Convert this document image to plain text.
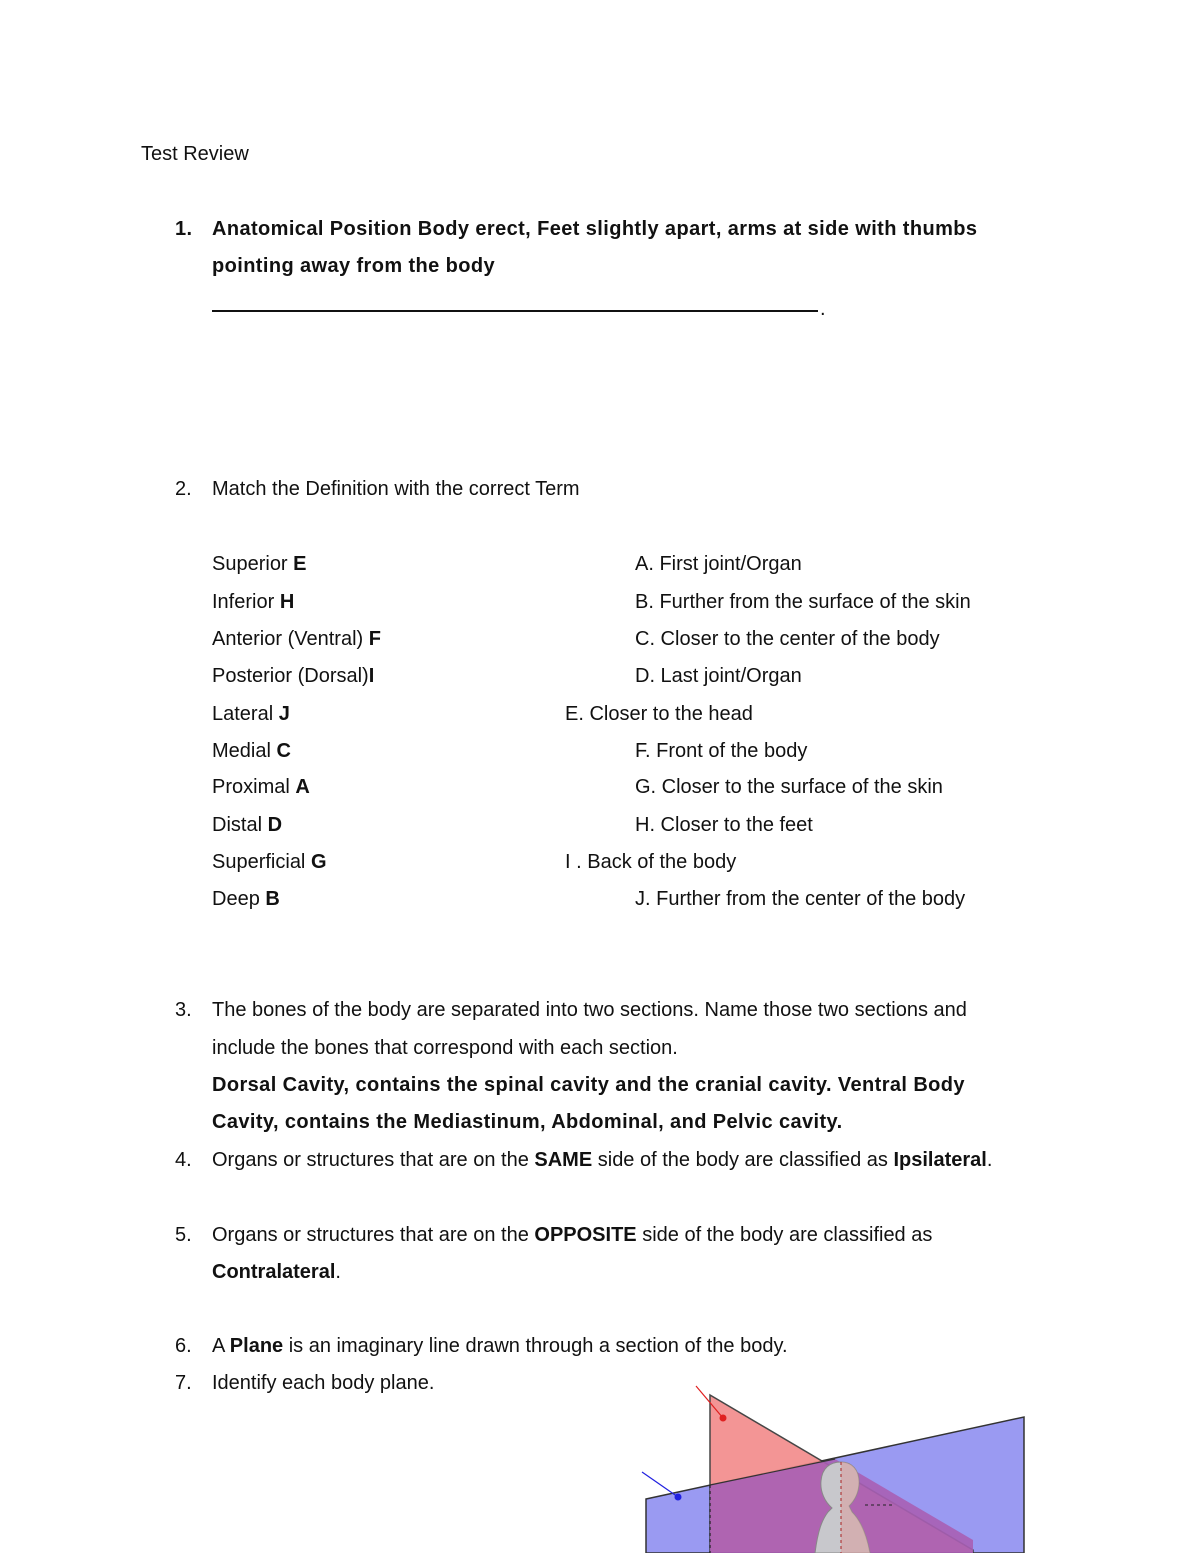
Test Review
1. Anatomical Position Body erect, Feet slightly apart, arms at side with thumbs
pointing away from the body
.
2. Match the Definition with the correct Term
Superior E
Inferior H
Anterior (Ventral) F
Posterior (Dorsal)I
Lateral J
Medial C
Proximal A
Distal D
Superficial G
Deep B
A. First joint/Organ
B. Further from the surface of the skin
C. Closer to the center of the body
D. Last joint/Organ
E. Closer to the head
F. Front of the body
G. Closer to the surface of the skin
H. Closer to the feet
I . Back of the body
J. Further from the center of the body
3. The bones of the body are separated into two sections. Name those two sections and
include the bones that correspond with each section.
Dorsal Cavity, contains the spinal cavity and the cranial cavity. Ventral Body
Cavity, contains the Mediastinum, Abdominal, and Pelvic cavity.
4. Organs or structures that are on the SAME side of the body are classified as Ipsilateral.
5. Organs or structures that are on the OPPOSITE side of the body are classified as
Contralateral.
6. A Plane is an imaginary line drawn through a section of the body.
7. Identify each body plane.
